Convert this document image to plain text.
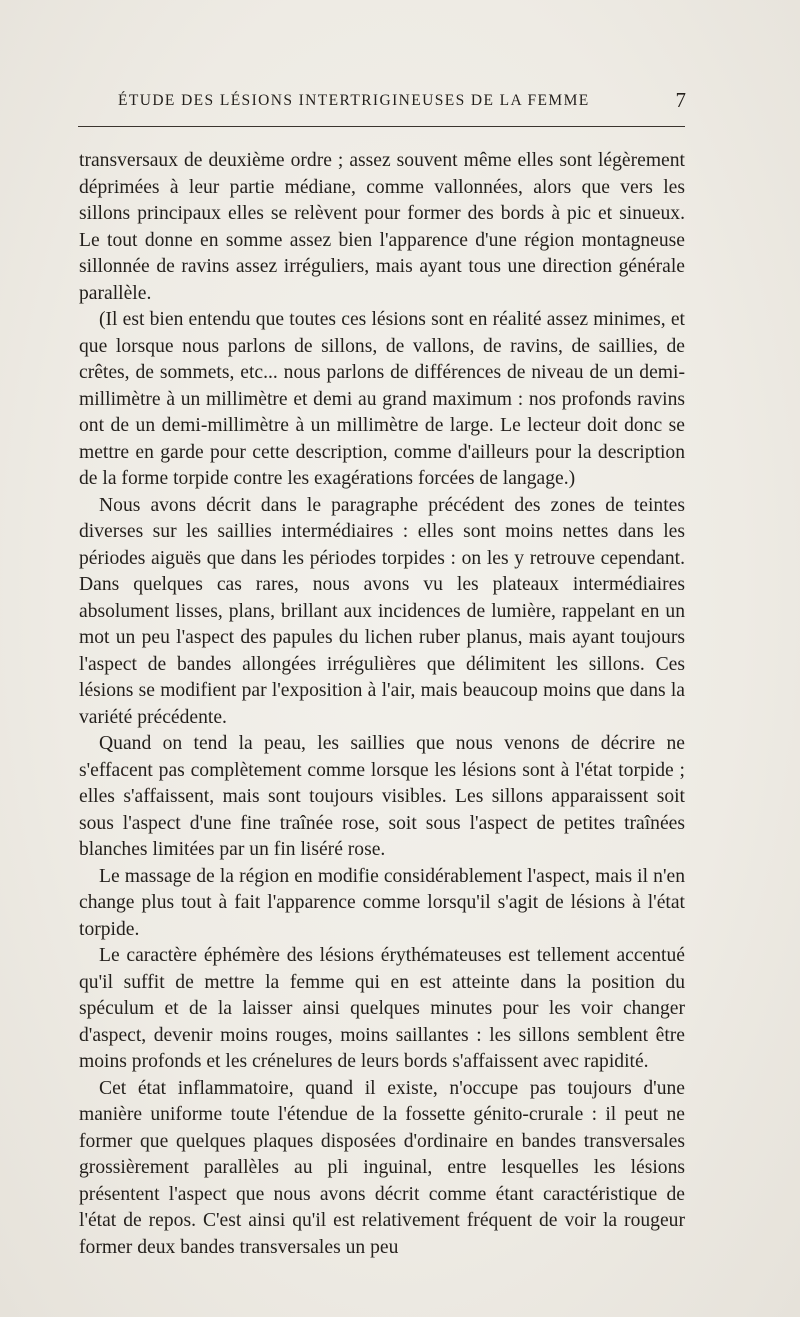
ÉTUDE DES LÉSIONS INTERTRIGINEUSES DE LA FEMME	7

transversaux de deuxième ordre ; assez souvent même elles sont légèrement déprimées à leur partie médiane, comme vallonnées, alors que vers les sillons principaux elles se relèvent pour former des bords à pic et sinueux. Le tout donne en somme assez bien l'apparence d'une région montagneuse sillonnée de ravins assez irréguliers, mais ayant tous une direction générale parallèle.

(Il est bien entendu que toutes ces lésions sont en réalité assez minimes, et que lorsque nous parlons de sillons, de vallons, de ravins, de saillies, de crêtes, de sommets, etc... nous parlons de différences de niveau de un demi-millimètre à un millimètre et demi au grand maximum : nos profonds ravins ont de un demi-millimètre à un millimètre de large. Le lecteur doit donc se mettre en garde pour cette description, comme d'ailleurs pour la description de la forme torpide contre les exagérations forcées de langage.)

Nous avons décrit dans le paragraphe précédent des zones de teintes diverses sur les saillies intermédiaires : elles sont moins nettes dans les périodes aiguës que dans les périodes torpides : on les y retrouve cependant. Dans quelques cas rares, nous avons vu les plateaux intermédiaires absolument lisses, plans, brillant aux incidences de lumière, rappelant en un mot un peu l'aspect des papules du lichen ruber planus, mais ayant toujours l'aspect de bandes allongées irrégulières que délimitent les sillons. Ces lésions se modifient par l'exposition à l'air, mais beaucoup moins que dans la variété précédente.

Quand on tend la peau, les saillies que nous venons de décrire ne s'effacent pas complètement comme lorsque les lésions sont à l'état torpide ; elles s'affaissent, mais sont toujours visibles. Les sillons apparaissent soit sous l'aspect d'une fine traînée rose, soit sous l'aspect de petites traînées blanches limitées par un fin liséré rose.

Le massage de la région en modifie considérablement l'aspect, mais il n'en change plus tout à fait l'apparence comme lorsqu'il s'agit de lésions à l'état torpide.

Le caractère éphémère des lésions érythémateuses est tellement accentué qu'il suffit de mettre la femme qui en est atteinte dans la position du spéculum et de la laisser ainsi quelques minutes pour les voir changer d'aspect, devenir moins rouges, moins saillantes : les sillons semblent être moins profonds et les crénelures de leurs bords s'affaissent avec rapidité.

Cet état inflammatoire, quand il existe, n'occupe pas toujours d'une manière uniforme toute l'étendue de la fossette génito-crurale : il peut ne former que quelques plaques disposées d'ordinaire en bandes transversales grossièrement parallèles au pli inguinal, entre lesquelles les lésions présentent l'aspect que nous avons décrit comme étant caractéristique de l'état de repos. C'est ainsi qu'il est relativement fréquent de voir la rougeur former deux bandes transversales un peu
